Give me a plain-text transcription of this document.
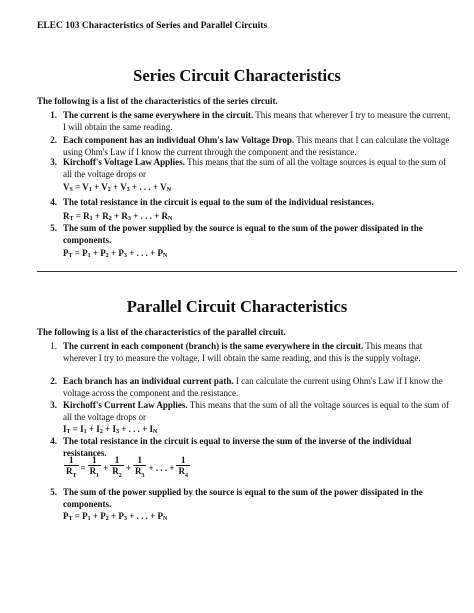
ELEC 103 Characteristics of Series and Parallel Circuits
Series Circuit Characteristics
The following is a list of the characteristics of the series circuit.
1. The current is the same everywhere in the circuit. This means that wherever I try to measure the current, I will obtain the same reading.
2. Each component has an individual Ohm's law Voltage Drop. This means that I can calculate the voltage using Ohm's Law if I know the current through the component and the resistance.
3. Kirchoff's Voltage Law Applies. This means that the sum of all the voltage sources is equal to the sum of all the voltage drops or
$V_S = V_1 + V_2 + V_3$ + . . . + $V_N$
4. The total resistance in the circuit is equal to the sum of the individual resistances.
$R_T = R_1 + R_2 + R_3$ + . . . + $R_N$
5. The sum of the power supplied by the source is equal to the sum of the power dissipated in the components.
$P_T = P_1 + P_2 + P_3$ + . . . + $P_N$
Parallel Circuit Characteristics
The following is a list of the characteristics of the parallel circuit.
1. The current in each component (branch) is the same everywhere in the circuit. This means that wherever I try to measure the voltage, I will obtain the same reading, and this is the supply voltage.
2. Each branch has an individual current path. I can calculate the current using Ohm's Law if I know the voltage across the component and the resistance.
3. Kirchoff's Current Law Applies. This means that the sum of all the voltage sources is equal to the sum of all the voltage drops or
$I_T = I_1 + I_2 + I_3$ + . . . + $I_N$
4. The total resistance in the circuit is equal to inverse the sum of the inverse of the individual resistances.
$\frac{1}{R_T} = \frac{1}{R_1} + \frac{1}{R_2} + \frac{1}{R_3}$ + . . . + $\frac{1}{R_4}$
5. The sum of the power supplied by the source is equal to the sum of the power dissipated in the components.
$P_T = P_1 + P_2 + P_3$ + . . . + $P_N$
